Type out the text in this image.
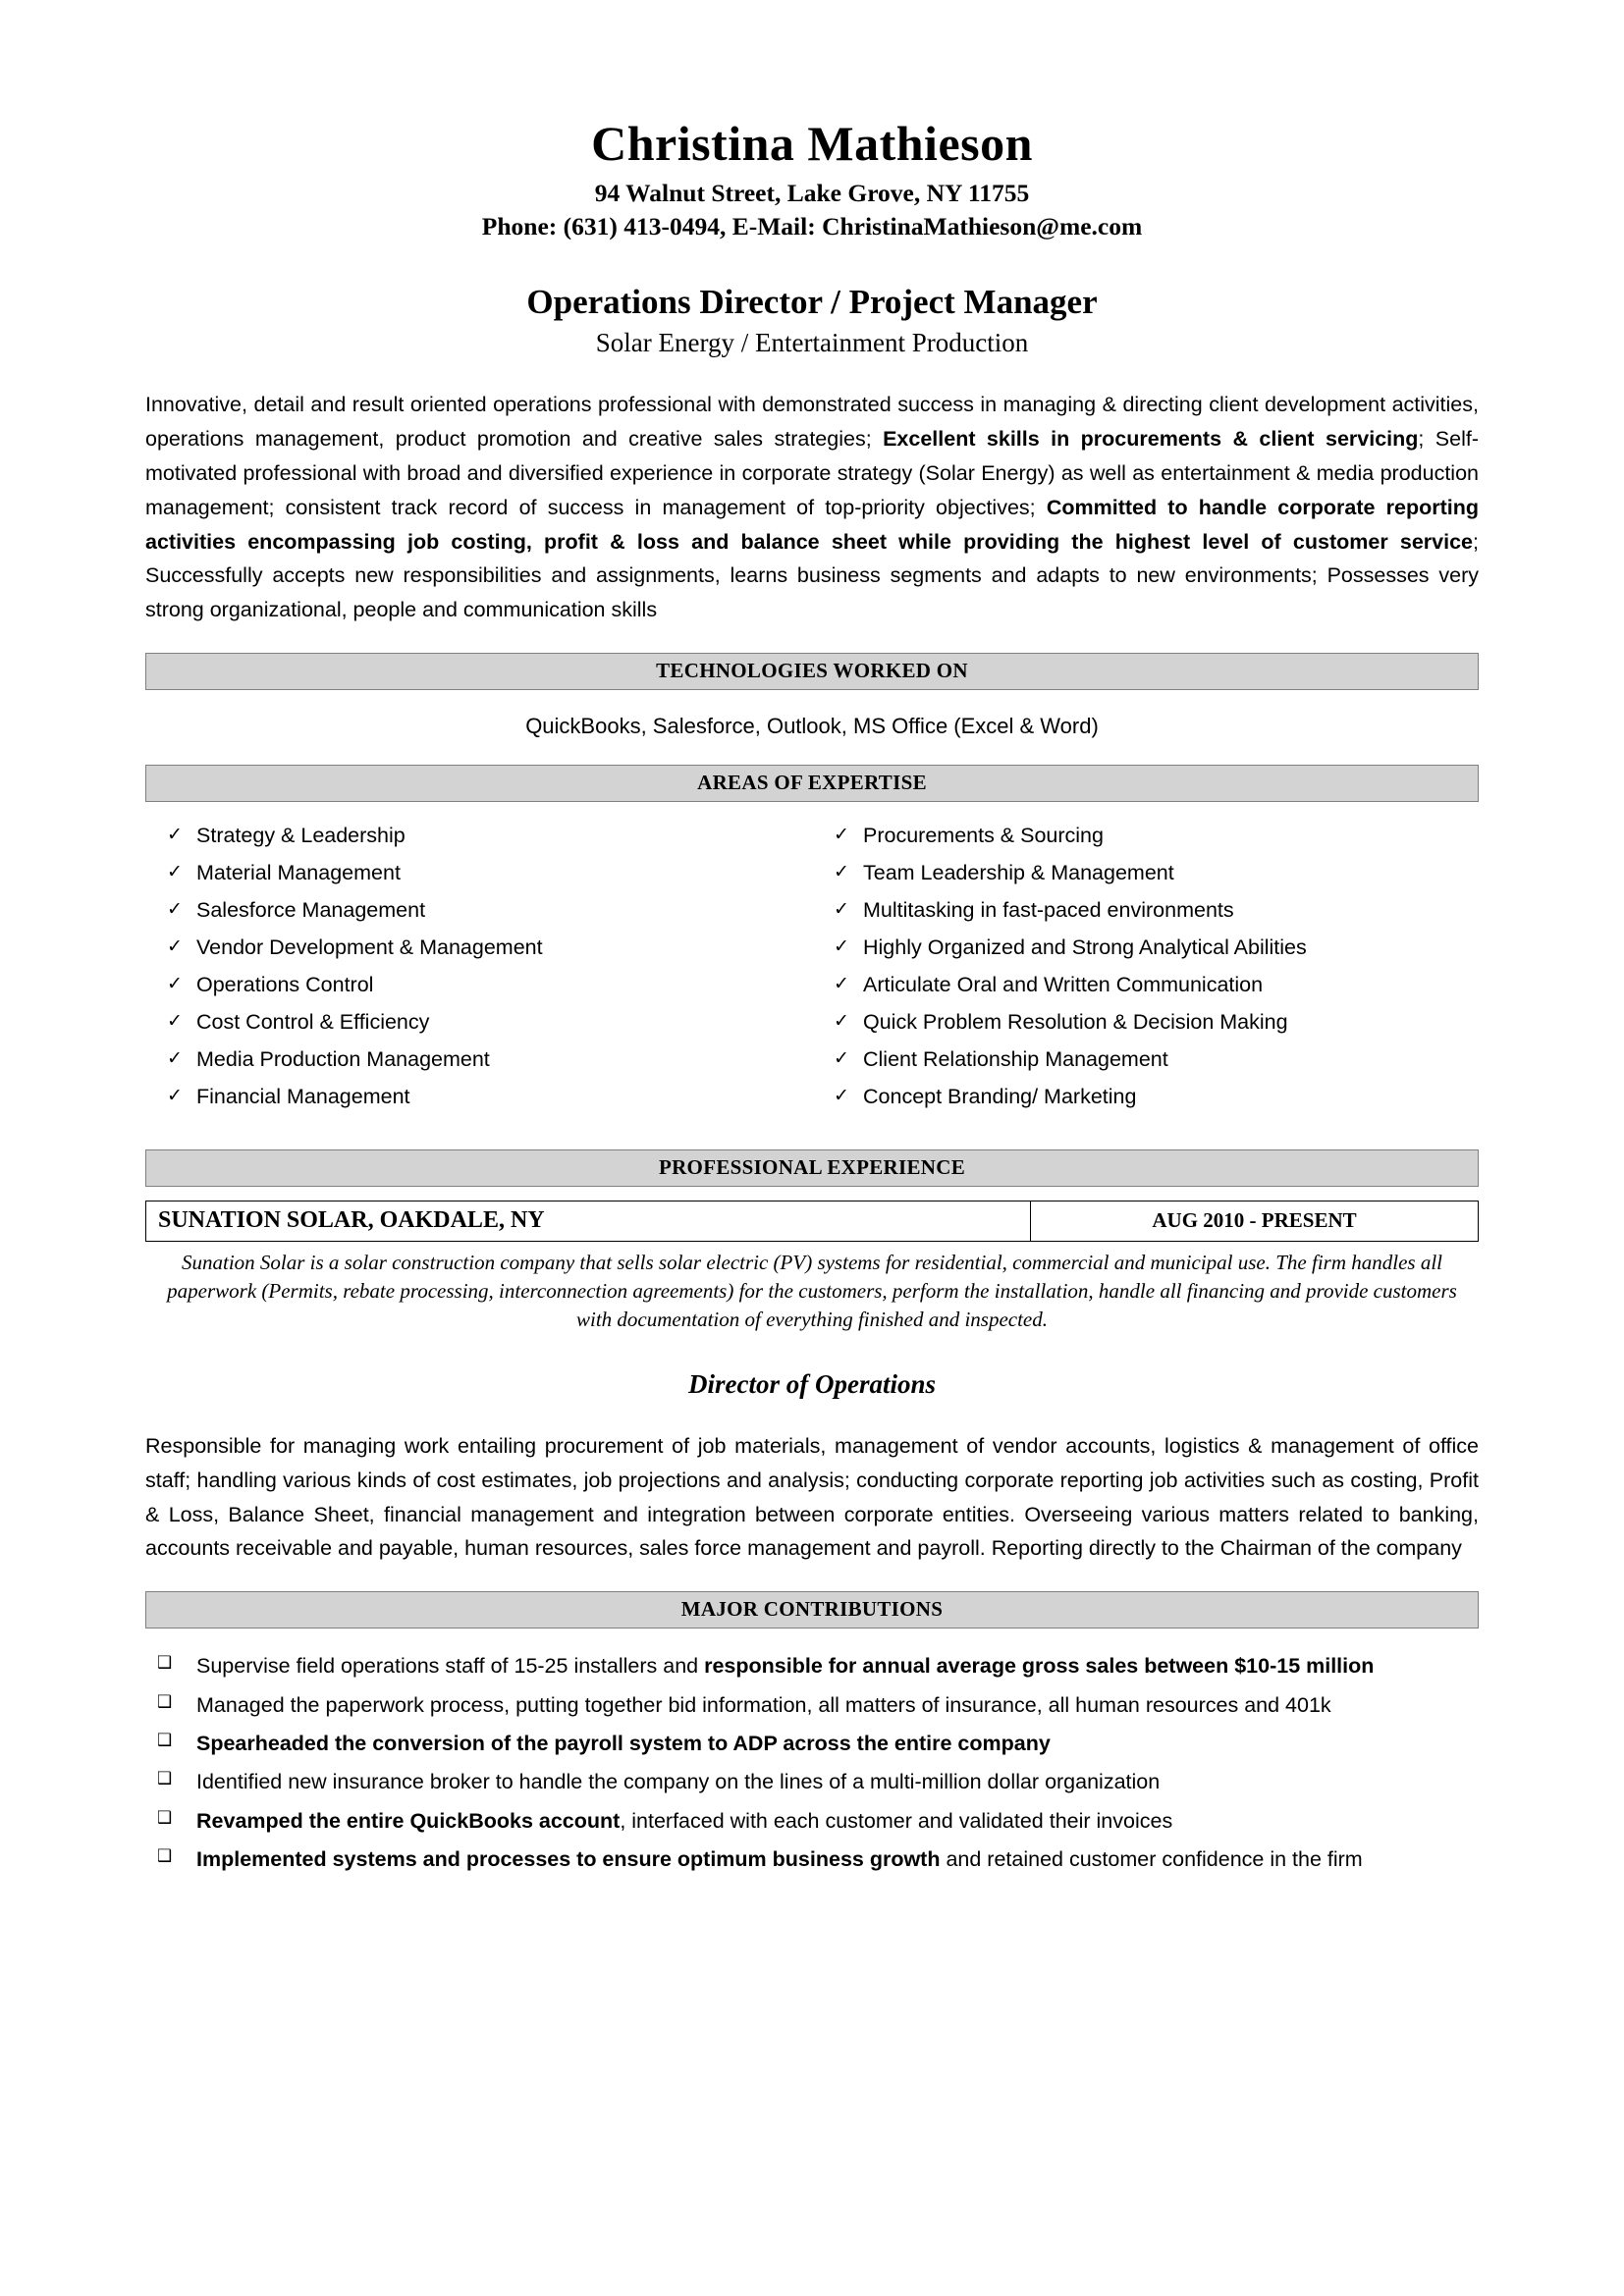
Christina Mathieson
94 Walnut Street, Lake Grove, NY 11755
Phone: (631) 413-0494, E-Mail: ChristinaMathieson@me.com
Operations Director / Project Manager
Solar Energy / Entertainment Production

Innovative, detail and result oriented operations professional with demonstrated success in managing & directing client development activities, operations management, product promotion and creative sales strategies; Excellent skills in procurements & client servicing; Self-motivated professional with broad and diversified experience in corporate strategy (Solar Energy) as well as entertainment & media production management; consistent track record of success in management of top-priority objectives; Committed to handle corporate reporting activities encompassing job costing, profit & loss and balance sheet while providing the highest level of customer service; Successfully accepts new responsibilities and assignments, learns business segments and adapts to new environments; Possesses very strong organizational, people and communication skills

TECHNOLOGIES WORKED ON
QuickBooks, Salesforce, Outlook, MS Office (Excel & Word)
AREAS OF EXPERTISE
✓ Strategy & Leadership
✓ Material Management
✓ Salesforce Management
✓ Vendor Development & Management
✓ Operations Control
✓ Cost Control & Efficiency
✓ Media Production Management
✓ Financial Management
✓ Procurements & Sourcing
✓ Team Leadership & Management
✓ Multitasking in fast-paced environments
✓ Highly Organized and Strong Analytical Abilities
✓ Articulate Oral and Written Communication
✓ Quick Problem Resolution & Decision Making
✓ Client Relationship Management
✓ Concept Branding/ Marketing
PROFESSIONAL EXPERIENCE
SUNATION SOLAR, OAKDALE, NY	AUG 2010 - PRESENT
Sunation Solar is a solar construction company that sells solar electric (PV) systems for residential, commercial and municipal use. The firm handles all paperwork (Permits, rebate processing, interconnection agreements) for the customers, perform the installation, handle all financing and provide customers with documentation of everything finished and inspected.
Director of Operations

Responsible for managing work entailing procurement of job materials, management of vendor accounts, logistics & management of office staff; handling various kinds of cost estimates, job projections and analysis; conducting corporate reporting job activities such as costing, Profit & Loss, Balance Sheet, financial management and integration between corporate entities. Overseeing various matters related to banking, accounts receivable and payable, human resources, sales force management and payroll. Reporting directly to the Chairman of the company

MAJOR CONTRIBUTIONS
❑	Supervise field operations staff of 15-25 installers and responsible for annual average gross sales between $10-15 million
❑	Managed the paperwork process, putting together bid information, all matters of insurance, all human resources and 401k
❑	Spearheaded the conversion of the payroll system to ADP across the entire company
❑	Identified new insurance broker to handle the company on the lines of a multi-million dollar organization
❑	Revamped the entire QuickBooks account, interfaced with each customer and validated their invoices
❑	Implemented systems and processes to ensure optimum business growth and retained customer confidence in the firm
